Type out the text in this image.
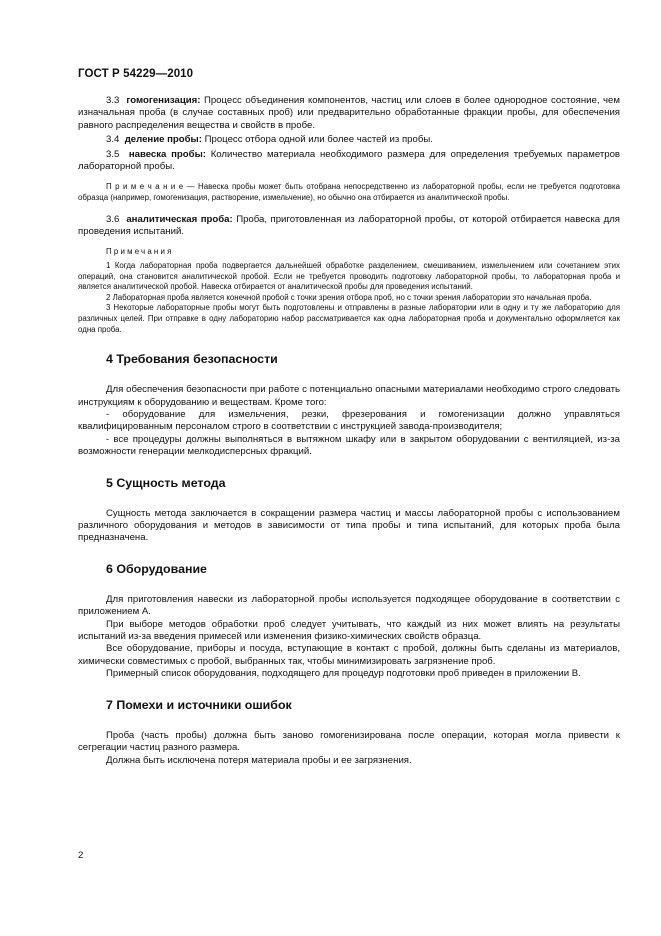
ГОСТ Р 54229—2010

3.3 гомогенизация: Процесс объединения компонентов, частиц или слоев в более однородное состояние, чем изначальная проба (в случае составных проб) или предварительно обработанные фракции пробы, для обеспечения равного распределения вещества и свойств в пробе.

3.4 деление пробы: Процесс отбора одной или более частей из пробы.

3.5 навеска пробы: Количество материала необходимого размера для определения требуемых параметров лабораторной пробы.

П р и м е ч а н и е — Навеска пробы может быть отобрана непосредственно из лабораторной пробы, если не требуется подготовка образца (например, гомогенизация, растворение, измельчение), но обычно она отбирается из аналитической пробы.

3.6 аналитическая проба: Проба, приготовленная из лабораторной пробы, от которой отбирается навеска для проведения испытаний.

Примечания

1 Когда лабораторная проба подвергается дальнейшей обработке разделением, смешиванием, измельчением или сочетанием этих операций, она становится аналитической пробой. Если не требуется проводить подготовку лабораторной пробы, то лабораторная проба и является аналитической пробой. Навеска отбирается от аналитической пробы для проведения испытаний.

2 Лабораторная проба является конечной пробой с точки зрения отбора проб, но с точки зрения лаборатории это начальная проба.

3 Некоторые лабораторные пробы могут быть подготовлены и отправлены в разные лаборатории или в одну и ту же лабораторию для различных целей. При отправке в одну лабораторию набор рассматривается как одна лабораторная проба и документально оформляется как одна проба.

4 Требования безопасности

Для обеспечения безопасности при работе с потенциально опасными материалами необходимо строго следовать инструкциям к оборудованию и веществам. Кроме того:

- оборудование для измельчения, резки, фрезерования и гомогенизации должно управляться квалифицированным персоналом строго в соответствии с инструкцией завода-производителя;

- все процедуры должны выполняться в вытяжном шкафу или в закрытом оборудовании с вентиляцией, из-за возможности генерации мелкодисперсных фракций.

5 Сущность метода

Сущность метода заключается в сокращении размера частиц и массы лабораторной пробы с использованием различного оборудования и методов в зависимости от типа пробы и типа испытаний, для которых проба была предназначена.

6 Оборудование

Для приготовления навески из лабораторной пробы используется подходящее оборудование в соответствии с приложением А.

При выборе методов обработки проб следует учитывать, что каждый из них может влиять на результаты испытаний из-за введения примесей или изменения физико-химических свойств образца.

Все оборудование, приборы и посуда, вступающие в контакт с пробой, должны быть сделаны из материалов, химически совместимых с пробой, выбранных так, чтобы минимизировать загрязнение проб.

Примерный список оборудования, подходящего для процедур подготовки проб приведен в приложении В.

7 Помехи и источники ошибок

Проба (часть пробы) должна быть заново гомогенизирована после операции, которая могла привести к сегрегации частиц разного размера.

Должна быть исключена потеря материала пробы и ее загрязнения.

2
